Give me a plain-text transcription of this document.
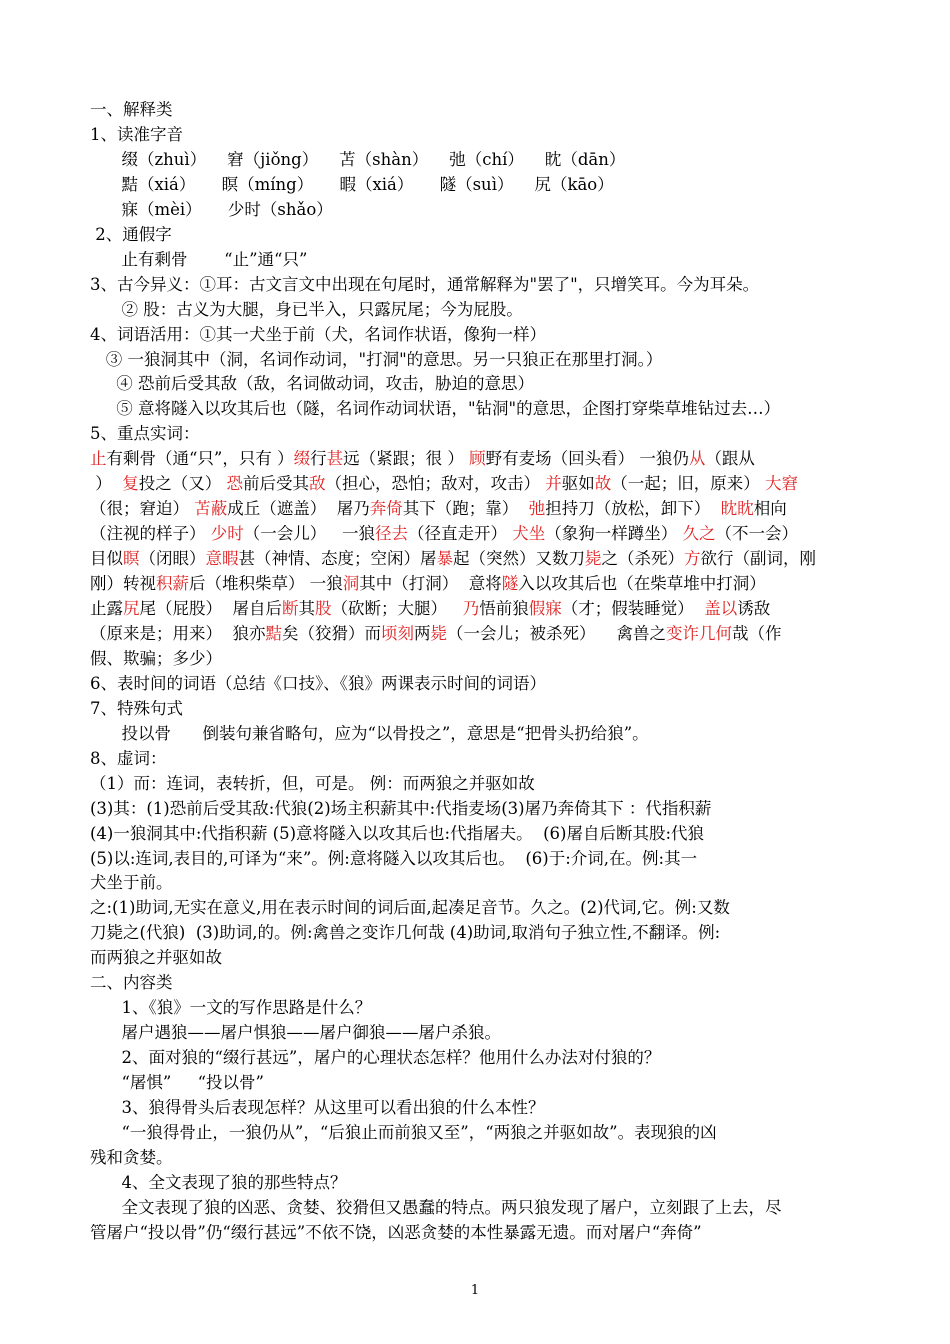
一、解释类
1、读准字音
缀（zhuì）    窘（jiǒng）    苫（shàn）    弛（chí）    眈（dān）
黠（xiá）     瞑（míng）     暇（xiá）     隧（suì）    尻（kāo）
寐（mèi）     少时（shǎo）
2、通假字
止有剩骨       “止”通“只”
3、古今异义：①耳：古文言文中出现在句尾时，通常解释为"罢了"，只增笑耳。今为耳朵。
② 股：古义为大腿，身已半入，只露尻尾；今为屁股。
4、词语活用：①其一犬坐于前（犬，名词作状语，像狗一样）
③ 一狼洞其中（洞，名词作动词，"打洞"的意思。另一只狼正在那里打洞。）
④ 恐前后受其敌（敌，名词做动词，攻击，胁迫的意思）
⑤ 意将隧入以攻其后也（隧，名词作动词状语，"钻洞"的意思，企图打穿柴草堆钻过去…）
5、重点实词：
止有剩骨（通“只”，只有 ）缀行甚远（紧跟；很 ） 顾野有麦场（回头看） 一狼仍从（跟从
）  复投之（又） 恐前后受其敌（担心，恐怕；敌对，攻击） 并驱如故（一起；旧，原来） 大窘
（很；窘迫） 苫蔽成丘（遮盖）  屠乃奔倚其下（跑；靠）  弛担持刀（放松，卸下）  眈眈相向
（注视的样子） 少时（一会儿）   一狼径去（径直走开） 犬坐（象狗一样蹲坐） 久之（不一会）
目似瞑（闭眼）意暇甚（神情、态度；空闲）屠暴起（突然）又数刀毙之（杀死）方欲行（副词，刚
刚）转视积薪后（堆积柴草） 一狼洞其中（打洞）  意将隧入以攻其后也（在柴草堆中打洞）
止露尻尾（屁股）  屠自后断其股（砍断；大腿）   乃悟前狼假寐（才；假装睡觉）  盖以诱敌
（原来是；用来）  狼亦黠矣（狡猾）而顷刻两毙（一会儿；被杀死）    禽兽之变诈几何哉（作
假、欺骗；多少）
6、表时间的词语（总结《口技》、《狼》两课表示时间的词语）
7、特殊句式
投以骨      倒装句兼省略句，应为“以骨投之”，意思是“把骨头扔给狼”。
8、虚词：
（1）而：连词，表转折，但，可是。 例：而两狼之并驱如故
(3)其：(1)恐前后受其敌:代狼(2)场主积薪其中:代指麦场(3)屠乃奔倚其下 ：代指积薪
(4)一狼洞其中:代指积薪 (5)意将隧入以攻其后也:代指屠夫。  (6)屠自后断其股:代狼
(5)以:连词,表目的,可译为“来”。例:意将隧入以攻其后也。  (6)于:介词,在。例:其一
犬坐于前。
之:(1)助词,无实在意义,用在表示时间的词后面,起凑足音节。久之。(2)代词,它。例:又数
刀毙之(代狼)  (3)助词,的。例:禽兽之变诈几何哉 (4)助词,取消句子独立性,不翻译。例:
而两狼之并驱如故
二、内容类
1、《狼》一文的写作思路是什么？
屠户遇狼——屠户惧狼——屠户御狼——屠户杀狼。
2、面对狼的“缀行甚远”，屠户的心理状态怎样？他用什么办法对付狼的？
“屠惧”     “投以骨”
3、狼得骨头后表现怎样？从这里可以看出狼的什么本性？
“一狼得骨止，一狼仍从”，“后狼止而前狼又至”，“两狼之并驱如故”。表现狼的凶
残和贪婪。
4、全文表现了狼的那些特点？
全文表现了狼的凶恶、贪婪、狡猾但又愚蠢的特点。两只狼发现了屠户，立刻跟了上去，尽
管屠户“投以骨”仍“缀行甚远”不依不饶，凶恶贪婪的本性暴露无遗。而对屠户“奔倚”
1
